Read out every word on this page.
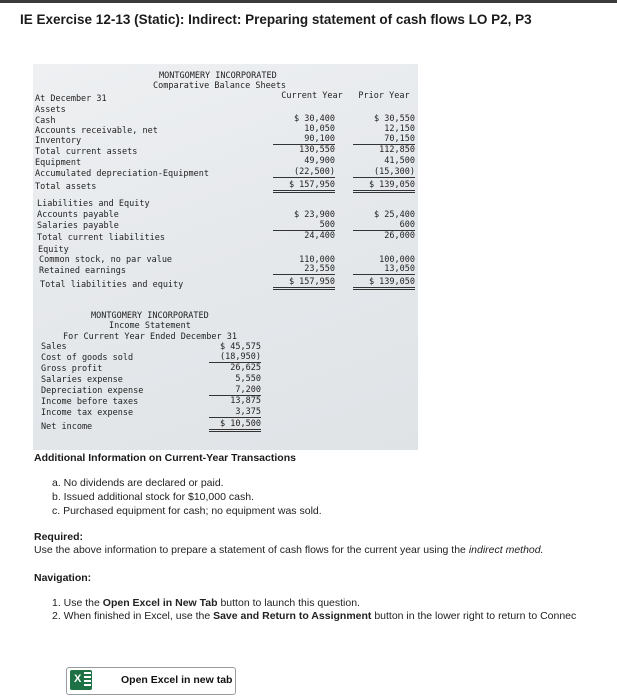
IE Exercise 12-13 (Static): Indirect: Preparing statement of cash flows LO P2, P3
MONTGOMERY INCORPORATED
Comparative Balance Sheets
At December 31	Current Year	Prior Year
Assets
Cash	$ 30,400	$ 30,550
Accounts receivable, net	10,050	12,150
Inventory	90,100	70,150
Total current assets	130,550	112,850
Equipment	49,900	41,500
Accumulated depreciation-Equipment	(22,500)	(15,300)
Total assets	$ 157,950	$ 139,050
Liabilities and Equity
Accounts payable	$ 23,900	$ 25,400
Salaries payable	500	600
Total current liabilities	24,400	26,000
Equity
Common stock, no par value	110,000	100,000
Retained earnings	23,550	13,050
Total liabilities and equity	$ 157,950	$ 139,050
MONTGOMERY INCORPORATED
Income Statement
For Current Year Ended December 31
Sales	$ 45,575
Cost of goods sold	(18,950)
Gross profit	26,625
Salaries expense	5,550
Depreciation expense	7,200
Income before taxes	13,875
Income tax expense	3,375
Net income	$ 10,500
Additional Information on Current-Year Transactions
a. No dividends are declared or paid.
b. Issued additional stock for $10,000 cash.
c. Purchased equipment for cash; no equipment was sold.
Required:
Use the above information to prepare a statement of cash flows for the current year using the indirect method.
Navigation:
1. Use the Open Excel in New Tab button to launch this question.
2. When finished in Excel, use the Save and Return to Assignment button in the lower right to return to Connec
X	Open Excel in new tab
